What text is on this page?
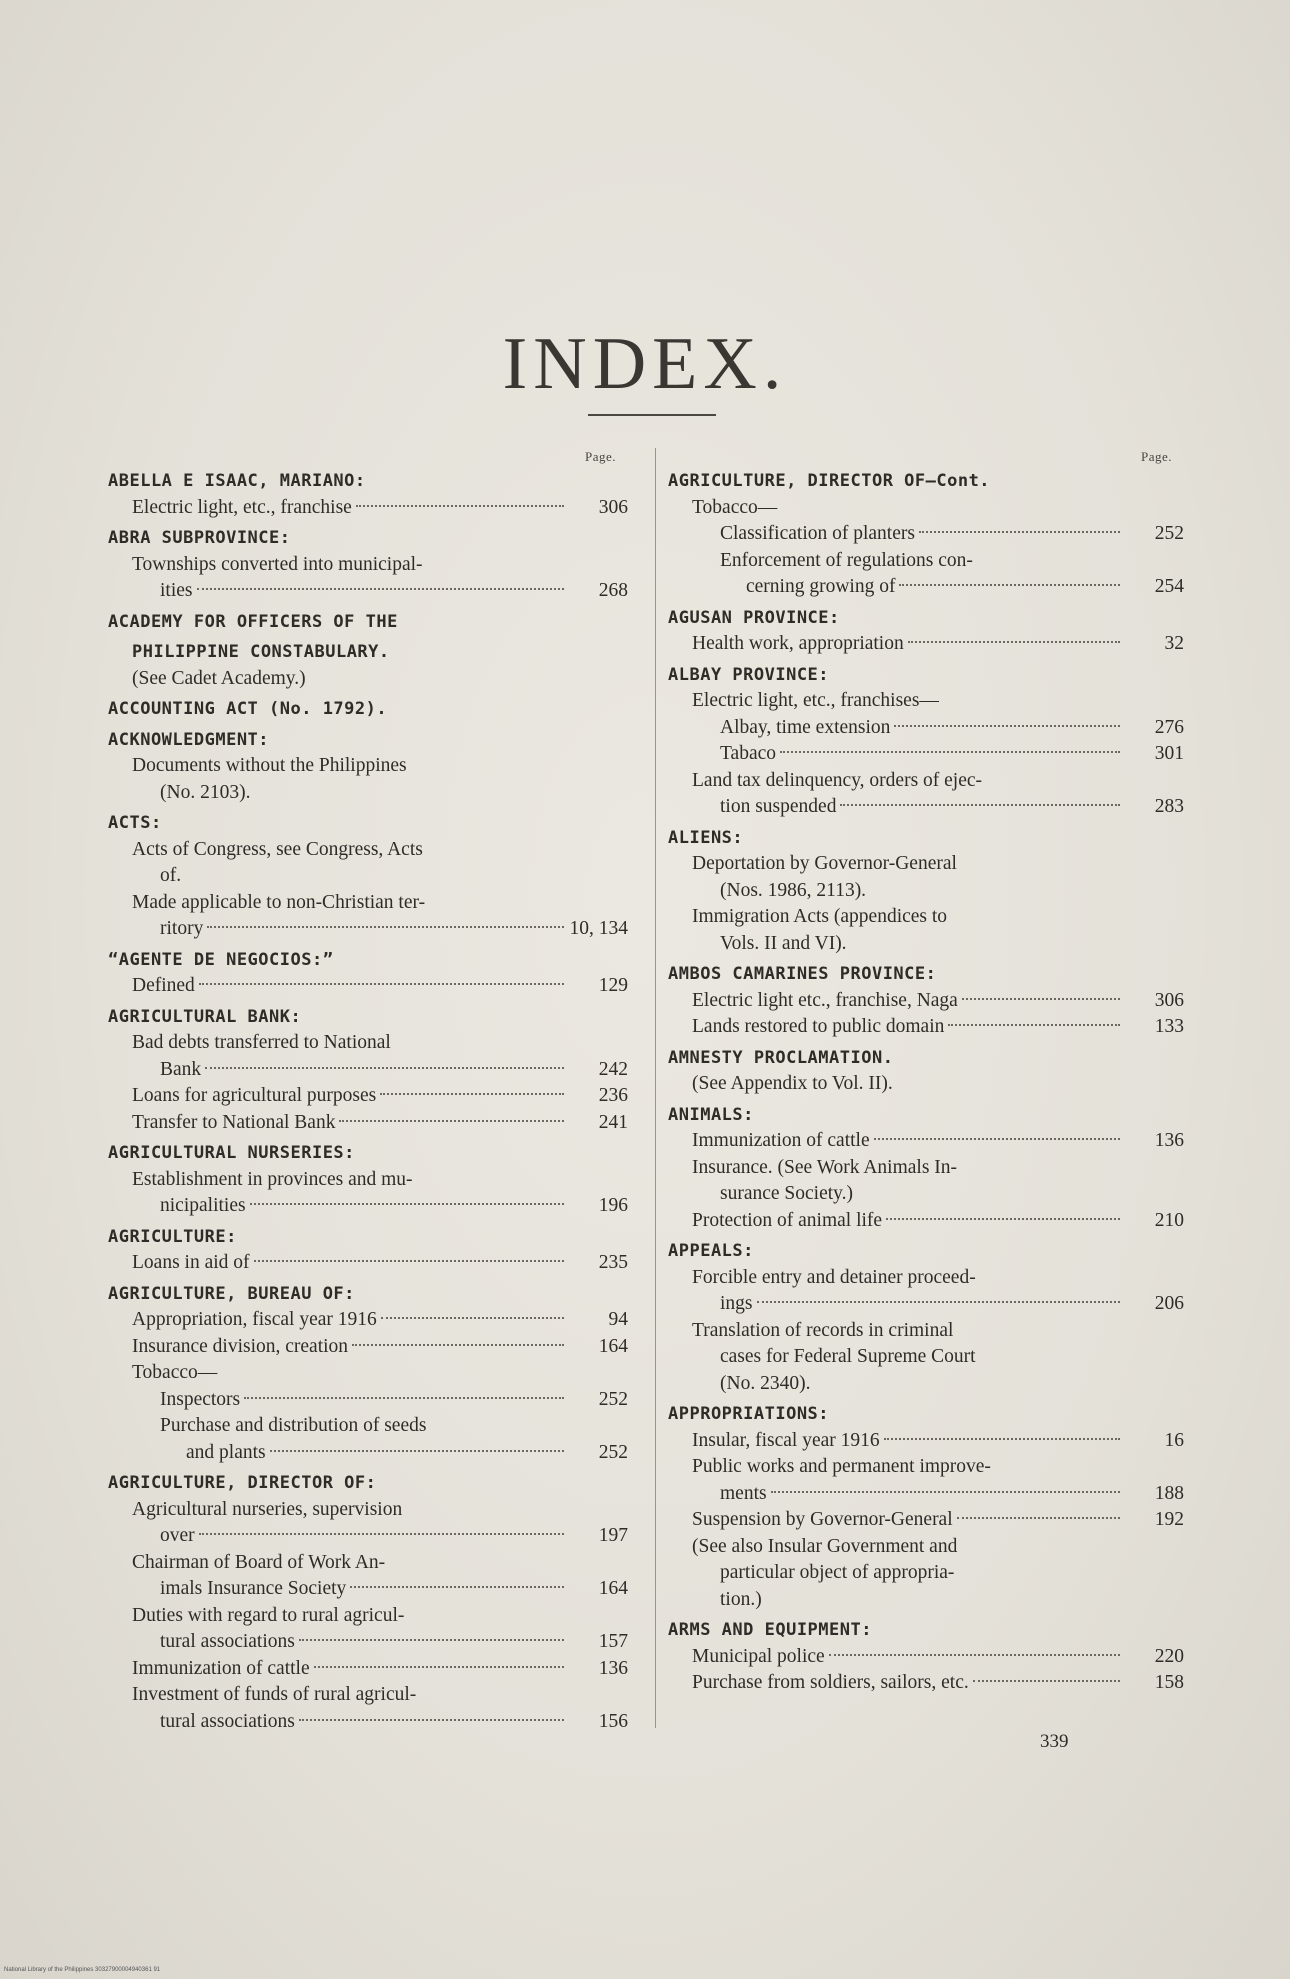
INDEX.
Page.
ABELLA E ISAAC, MARIANO:
Electric light, etc., franchise	306
ABRA SUBPROVINCE:
Townships converted into municipal-
ities	268
ACADEMY FOR OFFICERS OF THE
PHILIPPINE CONSTABULARY.
(See Cadet Academy.)
ACCOUNTING ACT (No. 1792).
ACKNOWLEDGMENT:
Documents without the Philippines
(No. 2103).
ACTS:
Acts of Congress, see Congress, Acts
of.
Made applicable to non-Christian ter-
ritory	10, 134
“AGENTE DE NEGOCIOS:”
Defined	129
AGRICULTURAL BANK:
Bad debts transferred to National
Bank	242
Loans for agricultural purposes	236
Transfer to National Bank	241
AGRICULTURAL NURSERIES:
Establishment in provinces and mu-
nicipalities	196
AGRICULTURE:
Loans in aid of	235
AGRICULTURE, BUREAU OF:
Appropriation, fiscal year 1916	94
Insurance division, creation	164
Tobacco—
Inspectors	252
Purchase and distribution of seeds
and plants	252
AGRICULTURE, DIRECTOR OF:
Agricultural nurseries, supervision
over	197
Chairman of Board of Work An-
imals Insurance Society	164
Duties with regard to rural agricul-
tural associations	157
Immunization of cattle	136
Investment of funds of rural agricul-
tural associations	156
Page.
AGRICULTURE, DIRECTOR OF—Cont.
Tobacco—
Classification of planters	252
Enforcement of regulations con-
cerning growing of	254
AGUSAN PROVINCE:
Health work, appropriation	32
ALBAY PROVINCE:
Electric light, etc., franchises—
Albay, time extension	276
Tabaco	301
Land tax delinquency, orders of ejec-
tion suspended	283
ALIENS:
Deportation by Governor-General
(Nos. 1986, 2113).
Immigration Acts (appendices to
Vols. II and VI).
AMBOS CAMARINES PROVINCE:
Electric light etc., franchise, Naga	306
Lands restored to public domain	133
AMNESTY PROCLAMATION.
(See Appendix to Vol. II).
ANIMALS:
Immunization of cattle	136
Insurance. (See Work Animals In-
surance Society.)
Protection of animal life	210
APPEALS:
Forcible entry and detainer proceed-
ings	206
Translation of records in criminal
cases for Federal Supreme Court
(No. 2340).
APPROPRIATIONS:
Insular, fiscal year 1916	16
Public works and permanent improve-
ments	188
Suspension by Governor-General	192
(See also Insular Government and
particular object of appropria-
tion.)
ARMS AND EQUIPMENT:
Municipal police	220
Purchase from soldiers, sailors, etc.	158
339
National Library of the Philippines 30327900004940361 91
